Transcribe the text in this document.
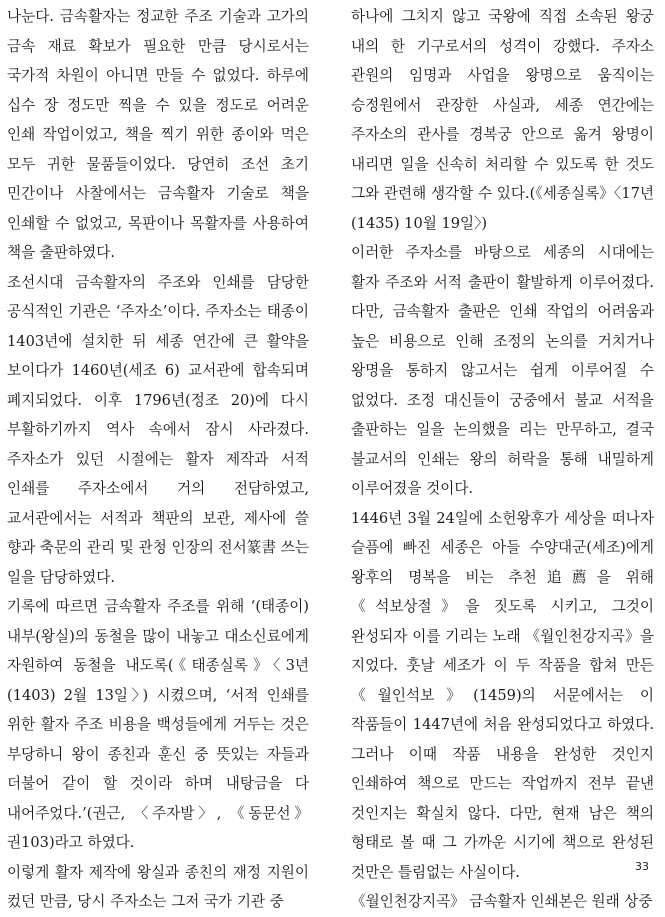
나눈다. 금속활자는 정교한 주조 기술과 고가의 금속 재료 확보가 필요한 만큼 당시로서는 국가적 차원이 아니면 만들 수 없었다. 하루에 십수 장 정도만 찍을 수 있을 정도로 어려운 인쇄 작업이었고, 책을 찍기 위한 종이와 먹은 모두 귀한 물품들이었다. 당연히 조선 초기 민간이나 사찰에서는 금속활자 기술로 책을 인쇄할 수 없었고, 목판이나 목활자를 사용하여 책을 출판하였다.

조선시대 금속활자의 주조와 인쇄를 담당한 공식적인 기관은 ‘주자소’이다. 주자소는 태종이 1403년에 설치한 뒤 세종 연간에 큰 활약을 보이다가 1460년(세조 6) 교서관에 합속되며 폐지되었다. 이후 1796년(정조 20)에 다시 부활하기까지 역사 속에서 잠시 사라졌다. 주자소가 있던 시절에는 활자 제작과 서적 인쇄를 주자소에서 거의 전담하였고, 교서관에서는 서적과 책판의 보관, 제사에 쓸 향과 축문의 관리 및 관청 인장의 전서篆書 쓰는 일을 담당하였다.

기록에 따르면 금속활자 주조를 위해 ‘(태종이) 내부(왕실)의 동철을 많이 내놓고 대소신료에게 자원하여 동철을 내도록(《태종실록》〈3년(1403) 2월 13일〉) 시켰으며, ‘서적 인쇄를 위한 활자 주조 비용을 백성들에게 거두는 것은 부당하니 왕이 종친과 훈신 중 뜻있는 자들과 더불어 같이 할 것이라 하며 내탕금을 다 내어주었다.’(권근, 〈주자발〉, 《동문선》 권103)라고 하였다.

이렇게 활자 제작에 왕실과 종친의 재정 지원이 컸던 만큼, 당시 주자소는 그저 국가 기관 중

하나에 그치지 않고 국왕에 직접 소속된 왕궁 내의 한 기구로서의 성격이 강했다. 주자소 관원의 임명과 사업을 왕명으로 움직이는 승정원에서 관장한 사실과, 세종 연간에는 주자소의 관사를 경복궁 안으로 옮겨 왕명이 내리면 일을 신속히 처리할 수 있도록 한 것도 그와 관련해 생각할 수 있다.(《세종실록》〈17년(1435) 10월 19일〉)

이러한 주자소를 바탕으로 세종의 시대에는 활자 주조와 서적 출판이 활발하게 이루어졌다. 다만, 금속활자 출판은 인쇄 작업의 어려움과 높은 비용으로 인해 조정의 논의를 거치거나 왕명을 통하지 않고서는 쉽게 이루어질 수 없었다. 조정 대신들이 궁중에서 불교 서적을 출판하는 일을 논의했을 리는 만무하고, 결국 불교서의 인쇄는 왕의 허락을 통해 내밀하게 이루어졌을 것이다.

1446년 3월 24일에 소헌왕후가 세상을 떠나자 슬픔에 빠진 세종은 아들 수양대군(세조)에게 왕후의 명복을 비는 추천追薦을 위해 《석보상절》을 짓도록 시키고, 그것이 완성되자 이를 기리는 노래 《월인천강지곡》을 지었다. 훗날 세조가 이 두 작품을 합쳐 만든 《월인석보》(1459)의 서문에서는 이 작품들이 1447년에 처음 완성되었다고 하였다. 그러나 이때 작품 내용을 완성한 것인지 인쇄하여 책으로 만드는 작업까지 전부 끝낸 것인지는 확실치 않다. 다만, 현재 남은 책의 형태로 볼 때 그 가까운 시기에 책으로 완성된 것만은 틀림없는 사실이다.

《월인천강지곡》 금속활자 인쇄본은 원래 상중

33
